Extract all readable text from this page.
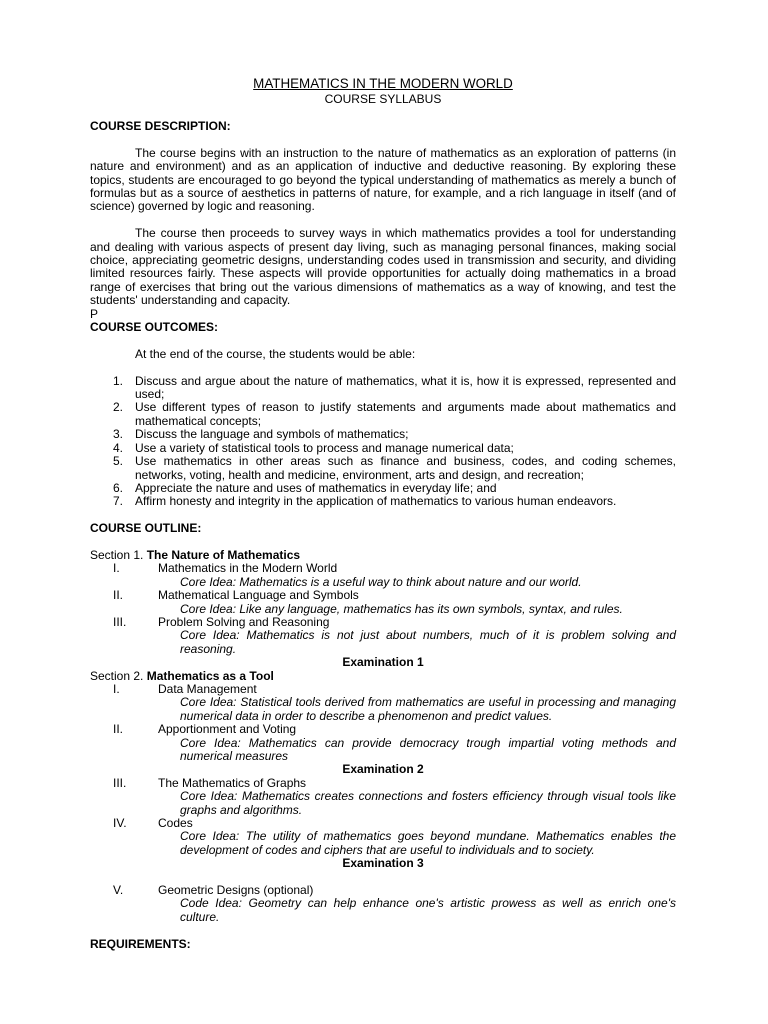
MATHEMATICS IN THE MODERN WORLD
COURSE SYLLABUS

COURSE DESCRIPTION:

The course begins with an instruction to the nature of mathematics as an exploration of patterns (in nature and environment) and as an application of inductive and deductive reasoning. By exploring these topics, students are encouraged to go beyond the typical understanding of mathematics as merely a bunch of formulas but as a source of aesthetics in patterns of nature, for example, and a rich language in itself (and of science) governed by logic and reasoning.

The course then proceeds to survey ways in which mathematics provides a tool for understanding and dealing with various aspects of present day living, such as managing personal finances, making social choice, appreciating geometric designs, understanding codes used in transmission and security, and dividing limited resources fairly. These aspects will provide opportunities for actually doing mathematics in a broad range of exercises that bring out the various dimensions of mathematics as a way of knowing, and test the students' understanding and capacity.

P

COURSE OUTCOMES:

At the end of the course, the students would be able:

1. Discuss and argue about the nature of mathematics, what it is, how it is expressed, represented and used;
2. Use different types of reason to justify statements and arguments made about mathematics and mathematical concepts;
3. Discuss the language and symbols of mathematics;
4. Use a variety of statistical tools to process and manage numerical data;
5. Use mathematics in other areas such as finance and business, codes, and coding schemes, networks, voting, health and medicine, environment, arts and design, and recreation;
6. Appreciate the nature and uses of mathematics in everyday life; and
7. Affirm honesty and integrity in the application of mathematics to various human endeavors.

COURSE OUTLINE:

Section 1. The Nature of Mathematics

I.	Mathematics in the Modern World

Core Idea: Mathematics is a useful way to think about nature and our world.

II.	Mathematical Language and Symbols

Core Idea: Like any language, mathematics has its own symbols, syntax, and rules.

III.	Problem Solving and Reasoning

Core Idea: Mathematics is not just about numbers, much of it is problem solving and reasoning.

Examination 1

Section 2. Mathematics as a Tool

I.	Data Management

Core Idea: Statistical tools derived from mathematics are useful in processing and managing numerical data in order to describe a phenomenon and predict values.

II.	Apportionment and Voting

Core Idea: Mathematics can provide democracy trough impartial voting methods and numerical measures

Examination 2

III.	The Mathematics of Graphs

Core Idea: Mathematics creates connections and fosters efficiency through visual tools like graphs and algorithms.

IV.	Codes

Core Idea: The utility of mathematics goes beyond mundane. Mathematics enables the development of codes and ciphers that are useful to individuals and to society.

Examination 3

V.	Geometric Designs (optional)

Code Idea: Geometry can help enhance one's artistic prowess as well as enrich one's culture.

REQUIREMENTS:
